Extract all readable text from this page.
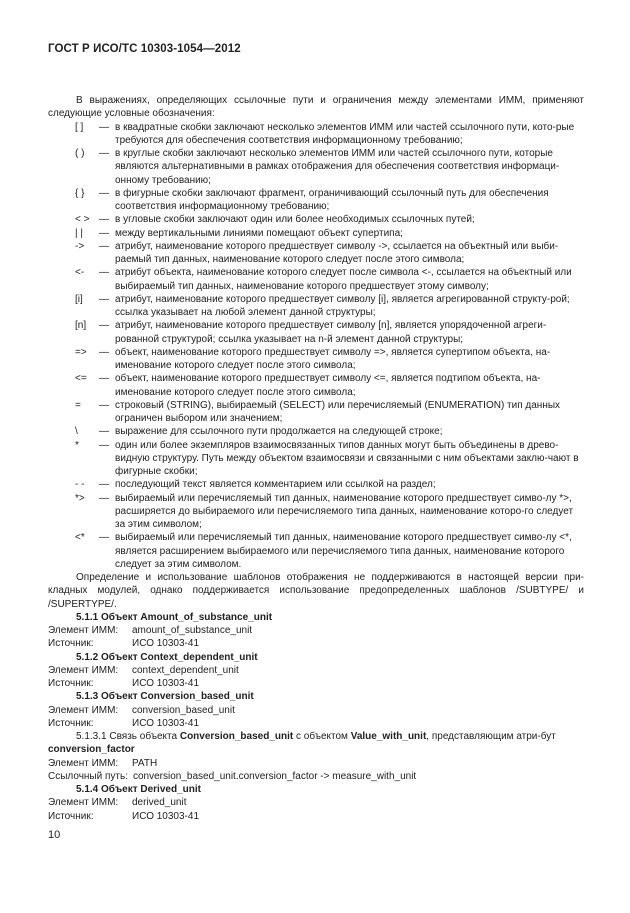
ГОСТ Р ИСО/ТС 10303-1054—2012

В выражениях, определяющих ссылочные пути и ограничения между элементами ИММ, применяют следующие условные обозначения:

[ ]	— в квадратные скобки заключают несколько элементов ИММ или частей ссылочного пути, кото-рые требуются для обеспечения соответствия информационному требованию;
( )	— в круглые скобки заключают несколько элементов ИММ или частей ссылочного пути, которые являются альтернативными в рамках отображения для обеспечения соответствия информаци-онному требованию;
{ }	— в фигурные скобки заключают фрагмент, ограничивающий ссылочный путь для обеспечения соответствия информационному требованию;
< > — в угловые скобки заключают один или более необходимых ссылочных путей;
| |	— между вертикальными линиями помещают объект супертипа;
->	— атрибут, наименование которого предшествует символу ->, ссылается на объектный или выби-раемый тип данных, наименование которого следует после этого символа;
<-	— атрибут объекта, наименование которого следует после символа <-, ссылается на объектный или выбираемый тип данных, наименование которого предшествует этому символу;
[i]	— атрибут, наименование которого предшествует символу [i], является агрегированной структу-рой; ссылка указывает на любой элемент данной структуры;
[n]	— атрибут, наименование которого предшествует символу [n], является упорядоченной агреги-рованной структурой; ссылка указывает на n-й элемент данной структуры;
=>	— объект, наименование которого предшествует символу =>, является супертипом объекта, на-именование которого следует после этого символа;
<=	— объект, наименование которого предшествует символу <=, является подтипом объекта, на-именование которого следует после этого символа;
=	— строковый (STRING), выбираемый (SELECT) или перечисляемый (ENUMERATION) тип данных ограничен выбором или значением;
\	— выражение для ссылочного пути продолжается на следующей строке;
*	— один или более экземпляров взаимосвязанных типов данных могут быть объединены в древо-видную структуру. Путь между объектом взаимосвязи и связанными с ним объектами заклю-чают в фигурные скобки;
- -	— последующий текст является комментарием или ссылкой на раздел;
*>	— выбираемый или перечисляемый тип данных, наименование которого предшествует симво-лу *>, расширяется до выбираемого или перечисляемого типа данных, наименование которо-го следует за этим символом;
<*	— выбираемый или перечисляемый тип данных, наименование которого предшествует симво-лу <*, является расширением выбираемого или перечисляемого типа данных, наименование которого следует за этим символом.

Определение и использование шаблонов отображения не поддерживаются в настоящей версии при-кладных модулей, однако поддерживается использование предопределенных шаблонов /SUBTYPE/ и /SUPERTYPE/.

5.1.1 Объект Amount_of_substance_unit

Элемент ИММ:	amount_of_substance_unit
Источник:	ИСО 10303-41

5.1.2 Объект Context_dependent_unit

Элемент ИММ:	context_dependent_unit
Источник:	ИСО 10303-41

5.1.3 Объект Conversion_based_unit

Элемент ИММ:	conversion_based_unit
Источник:	ИСО 10303-41

5.1.3.1 Связь объекта Conversion_based_unit с объектом Value_with_unit, представляющим атри-бут conversion_factor

Элемент ИММ:	PATH
Ссылочный путь: conversion_based_unit.conversion_factor -> measure_with_unit

5.1.4 Объект Derived_unit

Элемент ИММ:	derived_unit
Источник:	ИСО 10303-41
10
